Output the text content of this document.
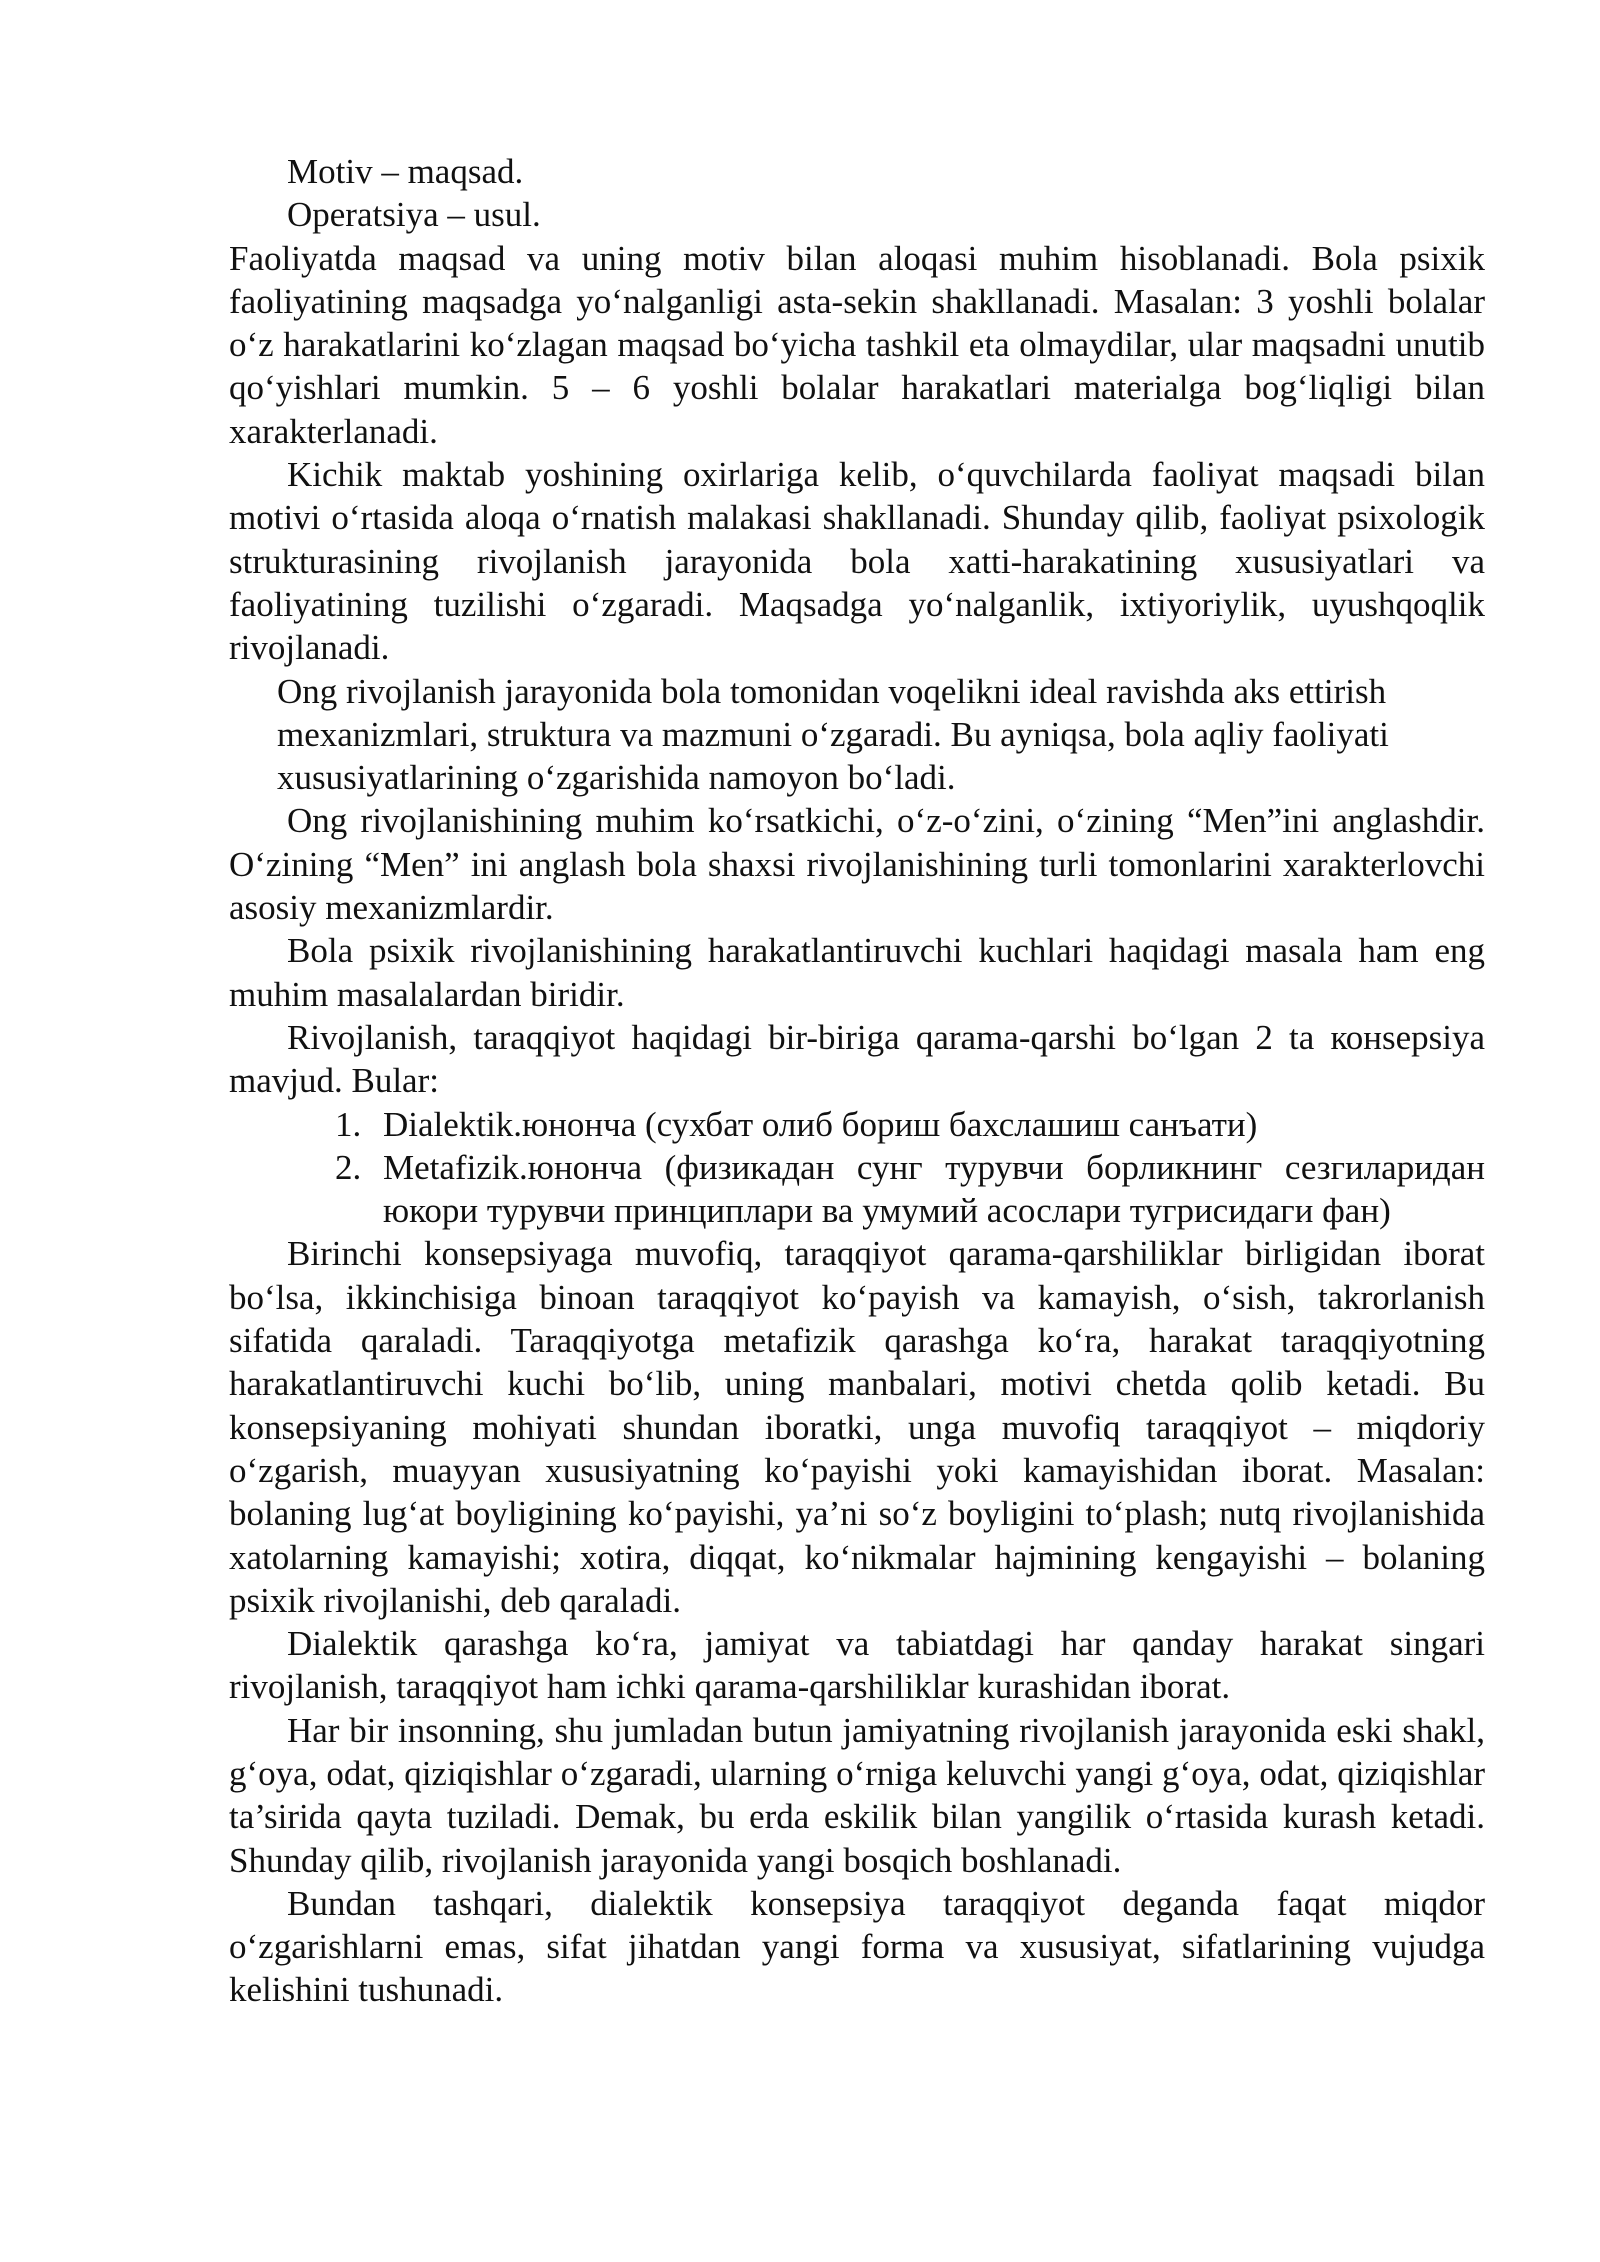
Motiv – maqsad.

Operatsiya – usul.

Faoliyatda maqsad va uning motiv bilan aloqasi muhim hisoblanadi. Bola psixik faoliyatining maqsadga yo‘nalganligi asta-sekin shakllanadi. Masalan: 3 yoshli bolalar o‘z harakatlarini ko‘zlagan maqsad bo‘yicha tashkil eta olmaydilar, ular maqsadni unutib qo‘yishlari mumkin. 5 – 6 yoshli bolalar harakatlari materialga bog‘liqligi bilan xarakterlanadi.

Kichik maktab yoshining oxirlariga kelib, o‘quvchilarda faoliyat maqsadi bilan motivi o‘rtasida aloqa o‘rnatish malakasi shakllanadi. Shunday qilib, faoliyat psixologik strukturasining rivojlanish jarayonida bola xatti-harakatining xususiyatlari va faoliyatining tuzilishi o‘zgaradi. Maqsadga yo‘nalganlik, ixtiyoriylik, uyushqoqlik rivojlanadi.

Ong rivojlanish jarayonida bola tomonidan voqelikni ideal ravishda aks ettirish mexanizmlari, struktura va mazmuni o‘zgaradi. Bu ayniqsa, bola aqliy faoliyati xususiyatlarining o‘zgarishida namoyon bo‘ladi.

Ong rivojlanishining muhim ko‘rsatkichi, o‘z-o‘zini, o‘zining “Men”ini anglashdir. O‘zining “Men” ini anglash bola shaxsi rivojlanishining turli tomonlarini xarakterlovchi asosiy mexanizmlardir.

Bola psixik rivojlanishining harakatlantiruvchi kuchlari haqidagi masala ham eng muhim masalalardan biridir.

Rivojlanish, taraqqiyot haqidagi bir-biriga qarama-qarshi bo‘lgan 2 ta конsepsiya mavjud. Bular:

1. Dialektik.юнонча (сухбат олиб бориш бахслашиш санъати)
2. Metafizik.юнонча (физикадан сунг турувчи борликнинг сезгиларидан юкори турувчи принциплари ва умумий асослари тугрисидаги фан)

Birinchi konsepsiyaga muvofiq, taraqqiyot qarama-qarshiliklar birligidan iborat bo‘lsa, ikkinchisiga binoan taraqqiyot ko‘payish va kamayish, o‘sish, takrorlanish sifatida qaraladi. Taraqqiyotga metafizik qarashga ko‘ra, harakat taraqqiyotning harakatlantiruvchi kuchi bo‘lib, uning manbalari, motivi chetda qolib ketadi. Bu konsepsiyaning mohiyati shundan iboratki, unga muvofiq taraqqiyot – miqdoriy o‘zgarish, muayyan xususiyatning ko‘payishi yoki kamayishidan iborat. Masalan: bolaning lug‘at boyligining ko‘payishi, ya’ni so‘z boyligini to‘plash; nutq rivojlanishida xatolarning kamayishi; xotira, diqqat, ko‘nikmalar hajmining kengayishi – bolaning psixik rivojlanishi, deb qaraladi.

Dialektik qarashga ko‘ra, jamiyat va tabiatdagi har qanday harakat singari rivojlanish, taraqqiyot ham ichki qarama-qarshiliklar kurashidan iborat.

Har bir insonning, shu jumladan butun jamiyatning rivojlanish jarayonida eski shakl, g‘oya, odat, qiziqishlar o‘zgaradi, ularning o‘rniga keluvchi yangi g‘oya, odat, qiziqishlar ta’sirida qayta tuziladi. Demak, bu erda eskilik bilan yangilik o‘rtasida kurash ketadi. Shunday qilib, rivojlanish jarayonida yangi bosqich boshlanadi.

Bundan tashqari, dialektik konsepsiya taraqqiyot deganda faqat miqdor o‘zgarishlarni emas, sifat jihatdan yangi forma va xususiyat, sifatlarining vujudga kelishini tushunadi.
